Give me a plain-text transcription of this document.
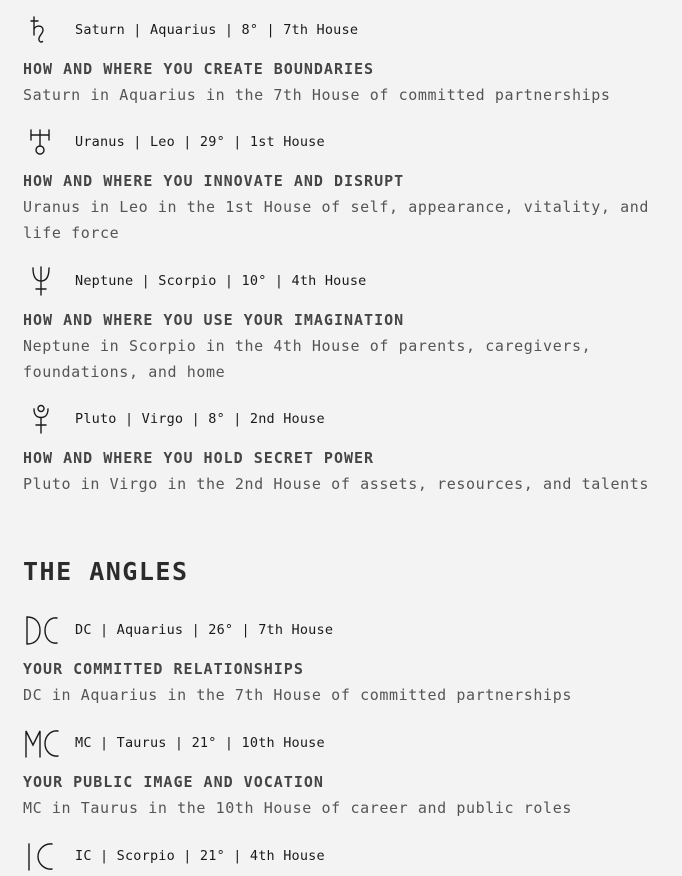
Saturn | Aquarius | 8° | 7th House
HOW AND WHERE YOU CREATE BOUNDARIES
Saturn in Aquarius in the 7th House of committed partnerships
Uranus | Leo | 29° | 1st House
HOW AND WHERE YOU INNOVATE AND DISRUPT
Uranus in Leo in the 1st House of self, appearance, vitality, and life force
Neptune | Scorpio | 10° | 4th House
HOW AND WHERE YOU USE YOUR IMAGINATION
Neptune in Scorpio in the 4th House of parents, caregivers, foundations, and home
Pluto | Virgo | 8° | 2nd House
HOW AND WHERE YOU HOLD SECRET POWER
Pluto in Virgo in the 2nd House of assets, resources, and talents
DC | Aquarius | 26° | 7th House
YOUR COMMITTED RELATIONSHIPS
DC in Aquarius in the 7th House of committed partnerships
MC | Taurus | 21° | 10th House
YOUR PUBLIC IMAGE AND VOCATION
MC in Taurus in the 10th House of career and public roles
IC | Scorpio | 21° | 4th House
THE ANGLES
